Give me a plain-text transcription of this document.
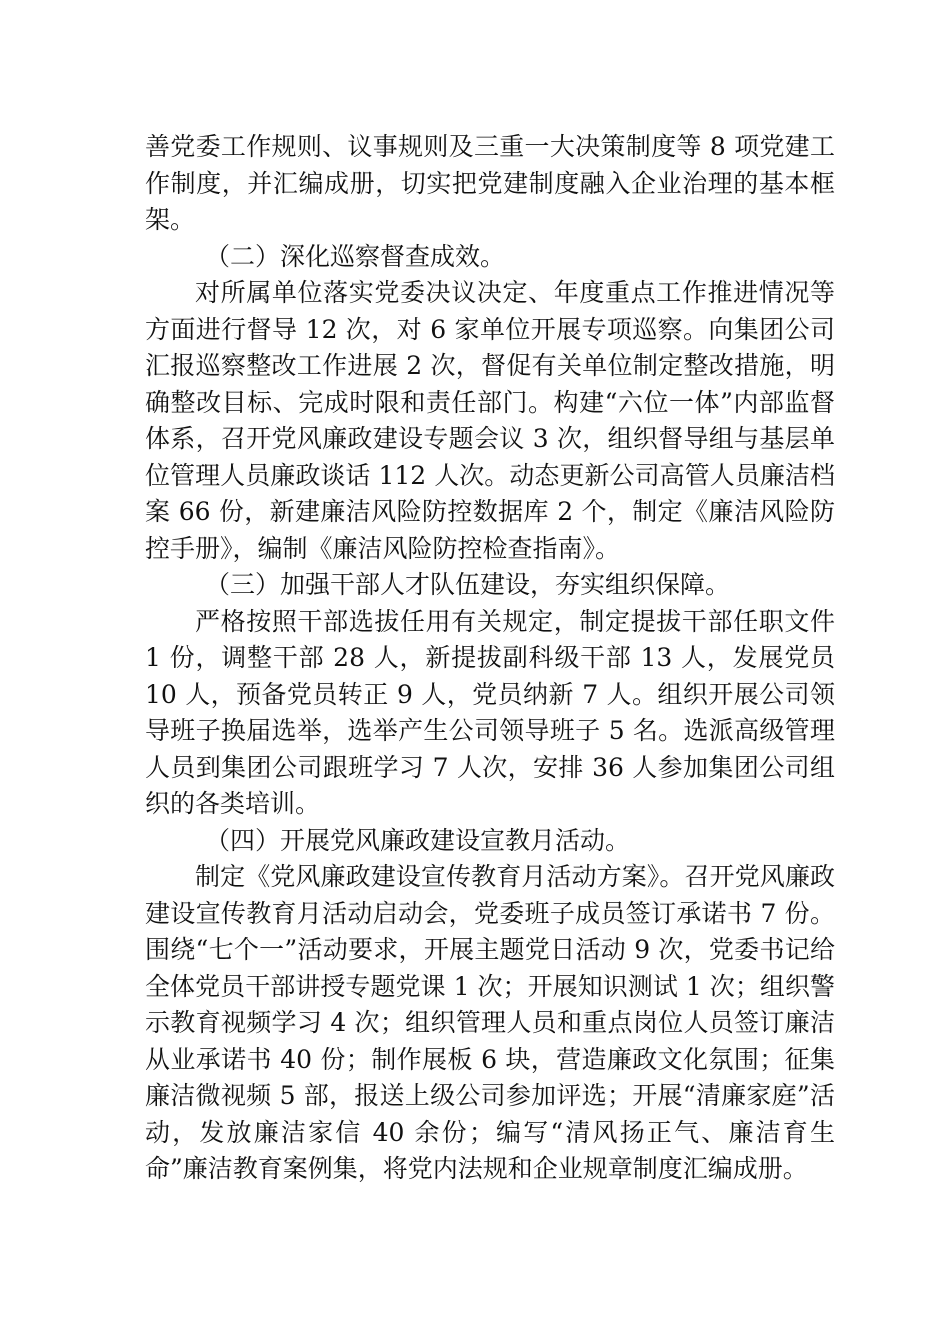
善党委工作规则、议事规则及三重一大决策制度等 8 项党建工作制度，并汇编成册，切实把党建制度融入企业治理的基本框架。

（二）深化巡察督查成效。

对所属单位落实党委决议决定、年度重点工作推进情况等方面进行督导 12 次，对 6 家单位开展专项巡察。向集团公司汇报巡察整改工作进展 2 次，督促有关单位制定整改措施，明确整改目标、完成时限和责任部门。构建“六位一体”内部监督体系，召开党风廉政建设专题会议 3 次，组织督导组与基层单位管理人员廉政谈话 112 人次。动态更新公司高管人员廉洁档案 66 份，新建廉洁风险防控数据库 2 个，制定《廉洁风险防控手册》，编制《廉洁风险防控检查指南》。

（三）加强干部人才队伍建设，夯实组织保障。

严格按照干部选拔任用有关规定，制定提拔干部任职文件 1 份，调整干部 28 人，新提拔副科级干部 13 人，发展党员 10 人，预备党员转正 9 人，党员纳新 7 人。组织开展公司领导班子换届选举，选举产生公司领导班子 5 名。选派高级管理人员到集团公司跟班学习 7 人次，安排 36 人参加集团公司组织的各类培训。

（四）开展党风廉政建设宣教月活动。

制定《党风廉政建设宣传教育月活动方案》。召开党风廉政建设宣传教育月活动启动会，党委班子成员签订承诺书 7 份。围绕“七个一”活动要求，开展主题党日活动 9 次，党委书记给全体党员干部讲授专题党课 1 次；开展知识测试 1 次；组织警示教育视频学习 4 次；组织管理人员和重点岗位人员签订廉洁从业承诺书 40 份；制作展板 6 块，营造廉政文化氛围；征集廉洁微视频 5 部，报送上级公司参加评选；开展“清廉家庭”活动，发放廉洁家信 40 余份；编写“清风扬正气、廉洁育生命”廉洁教育案例集，将党内法规和企业规章制度汇编成册。
